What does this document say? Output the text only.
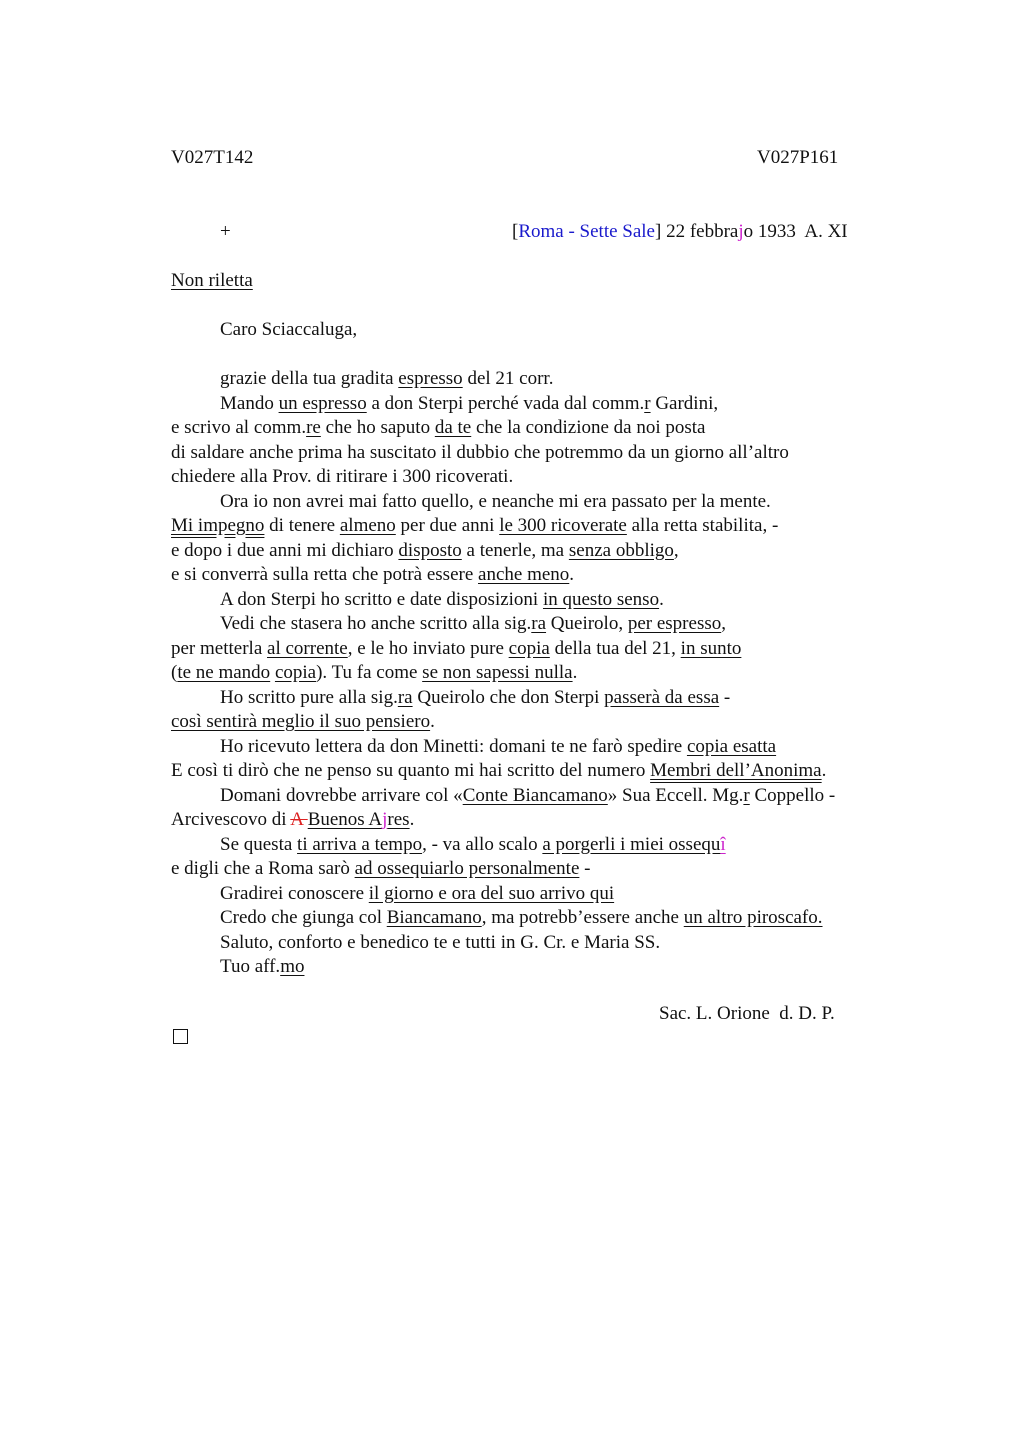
V027T142	V027P161
+	[Roma - Sette Sale] 22 febbrajo 1933  A. XI
Non riletta
Caro Sciaccaluga,
grazie della tua gradita espresso del 21 corr.
Mando un espresso a don Sterpi perché vada dal comm.r Gardini,
e scrivo al comm.re che ho saputo da te che la condizione da noi posta
di saldare anche prima ha suscitato il dubbio che potremmo da un giorno all’altro
chiedere alla Prov. di ritirare i 300 ricoverati.
Ora io non avrei mai fatto quello, e neanche mi era passato per la mente.
Mi impegno di tenere almeno per due anni le 300 ricoverate alla retta stabilita, -
e dopo i due anni mi dichiaro disposto a tenerle, ma senza obbligo,
e si converrà sulla retta che potrà essere anche meno.
A don Sterpi ho scritto e date disposizioni in questo senso.
Vedi che stasera ho anche scritto alla sig.ra Queirolo, per espresso,
per metterla al corrente, e le ho inviato pure copia della tua del 21, in sunto
(te ne mando copia). Tu fa come se non sapessi nulla.
Ho scritto pure alla sig.ra Queirolo che don Sterpi passerà da essa -
così sentirà meglio il suo pensiero.
Ho ricevuto lettera da don Minetti: domani te ne farò spedire copia esatta
E così ti dirò che ne penso su quanto mi hai scritto del numero Membri dell’Anonima.
Domani dovrebbe arrivare col «Conte Biancamano» Sua Eccell. Mg.r Coppello -
Arcivescovo di A Buenos Ajres.
Se questa ti arriva a tempo, - va allo scalo a porgerli i miei ossequî
e digli che a Roma sarò ad ossequiarlo personalmente -
Gradirei conoscere il giorno e ora del suo arrivo qui
Credo che giunga col Biancamano, ma potrebb’essere anche un altro piroscafo.
Saluto, conforto e benedico te e tutti in G. Cr. e Maria SS.
Tuo aff.mo
Sac. L. Orione  d. D. P.
